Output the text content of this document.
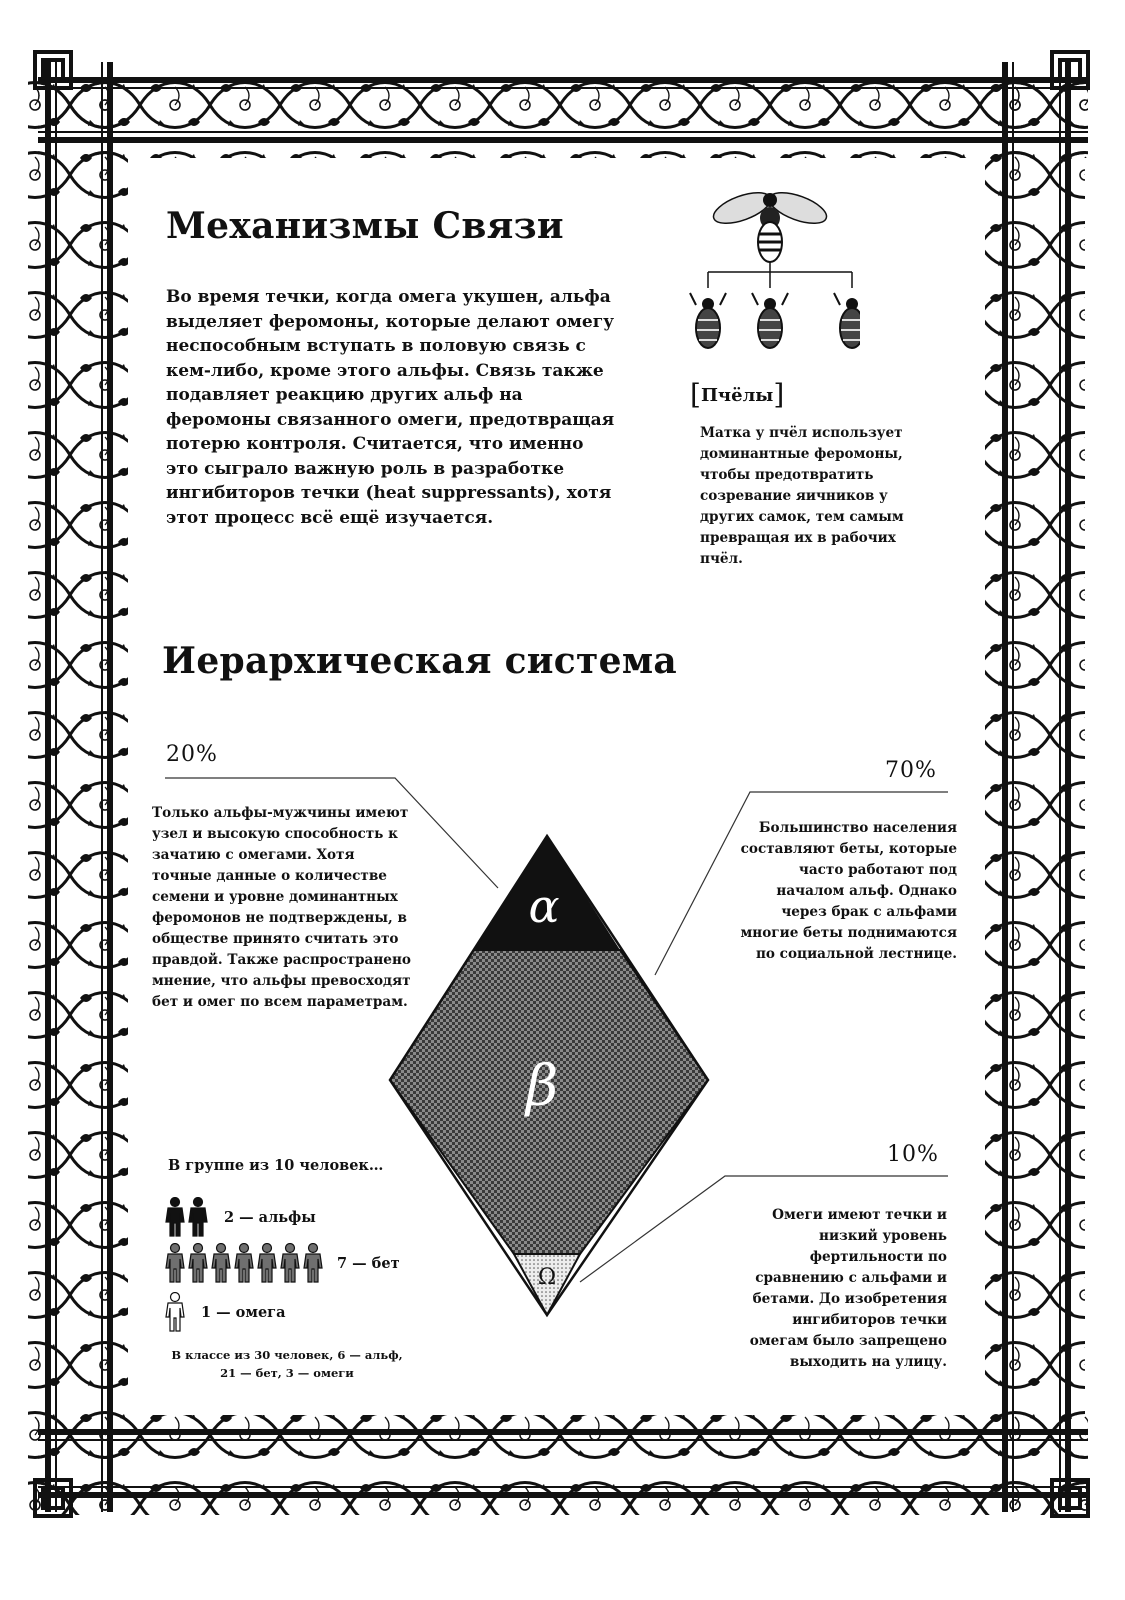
Механизмы Связи
Во время течки, когда омега укушен, альфа выделяет феромоны, которые делают омегу неспособным вступать в половую связь с кем-либо, кроме этого альфы. Связь также подавляет реакцию других альф на феромоны связанного омеги, предотвращая потерю контроля. Считается, что именно это сыграло важную роль в разработке ингибиторов течки (heat suppressants), хотя этот процесс всё ещё изучается.
[Пчёлы]
Матка у пчёл использует доминантные феромоны, чтобы предотвратить созревание яичников у других самок, тем самым превращая их в рабочих пчёл.
Иерархическая система
20%
70%
10%
α
β
Ω
Только альфы-мужчины имеют узел и высокую способность к зачатию с омегами. Хотя точные данные о количестве семени и уровне доминантных феромонов не подтверждены, в обществе принято считать это правдой. Также распространено мнение, что альфы превосходят бет и омег по всем параметрам.
Большинство населения составляют беты, которые часто работают под началом альф. Однако через брак с альфами многие беты поднимаются по социальной лестнице.
Омеги имеют течки и низкий уровень фертильности по сравнению с альфами и бетами. До изобретения ингибиторов течки омегам было запрещено выходить на улицу.
В группе из 10 человек…
2 — альфы
7 — бет
1 — омега
В классе из 30 человек, 6 — альф, 21 — бет, 3 — омеги
